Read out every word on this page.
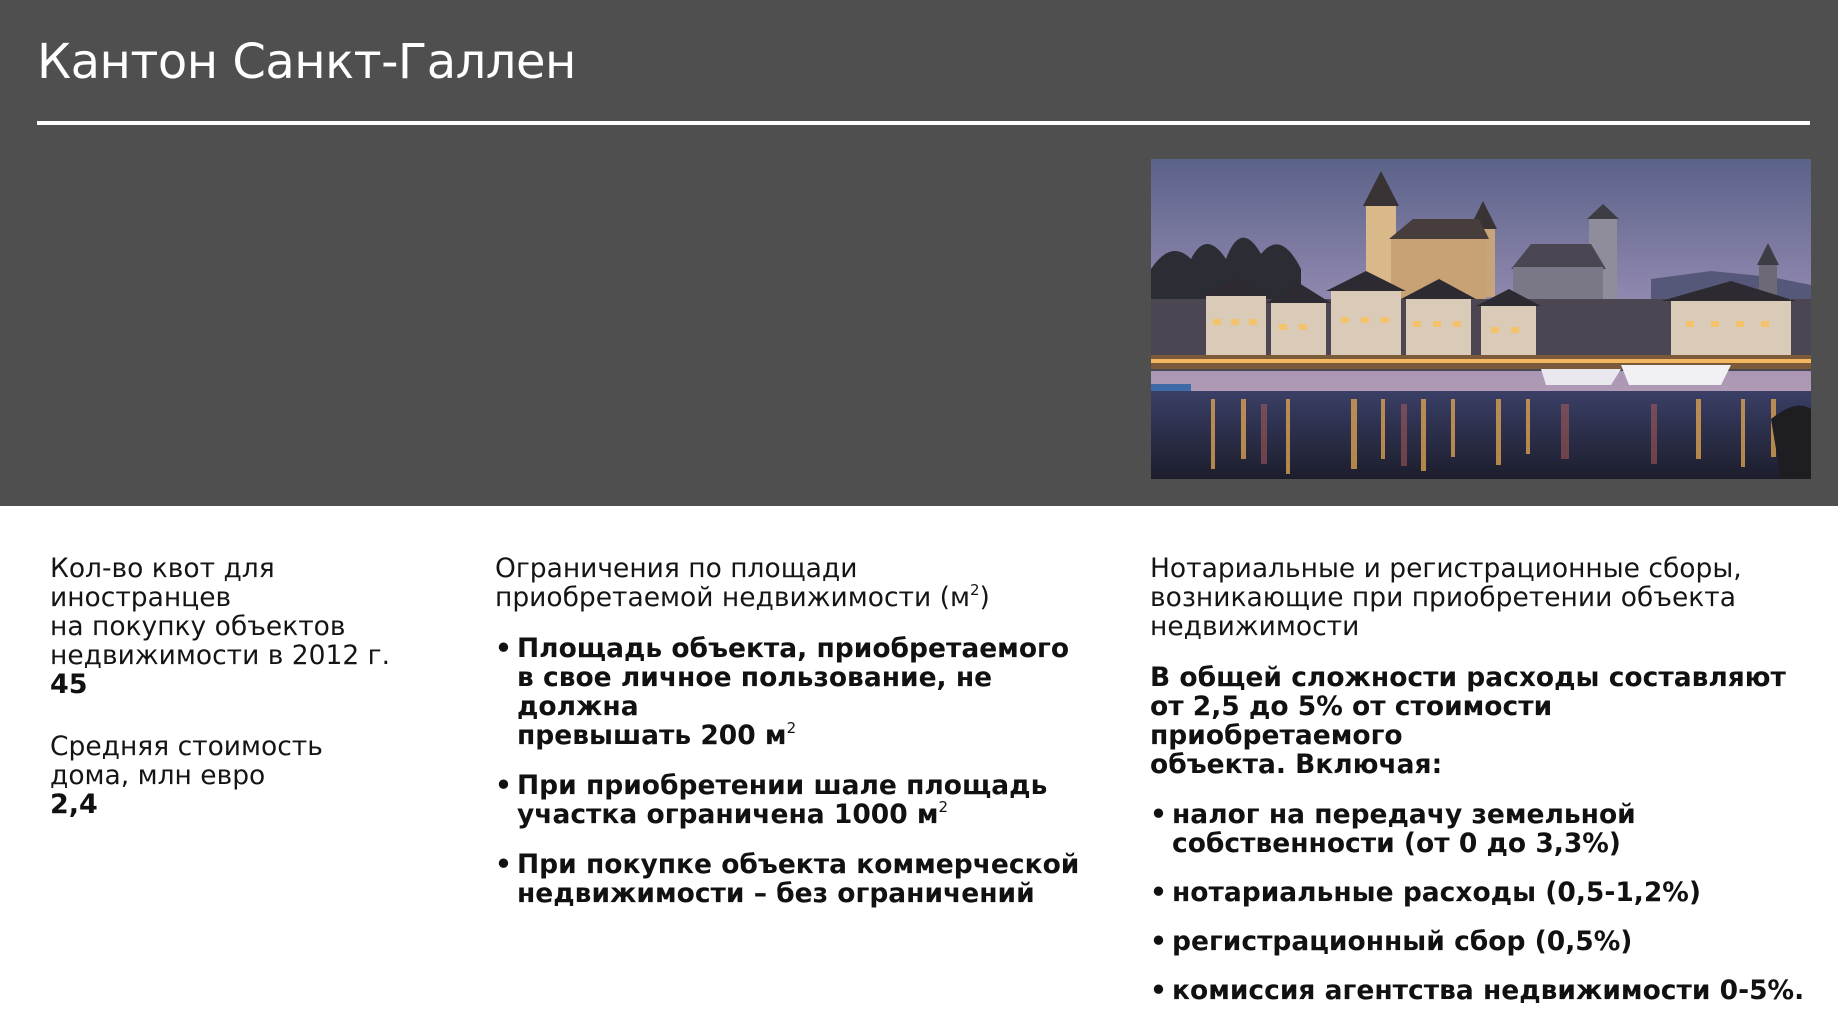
Кантон Санкт-Галлен
Кол-во квот для иностранцев
на покупку объектов
недвижимости в 2012 г.
45
Средняя стоимость
дома, млн евро
2,4
Ограничения по площади
приобретаемой недвижимости $(м^2)$
• Площадь объекта, приобретаемого
в свое личное пользование, не должна
превышать 200 $м^2$
• При приобретении шале площадь
участка ограничена 1000 $м^2$
• При покупке объекта коммерческой
недвижимости – без ограничений
Нотариальные и регистрационные сборы,
возникающие при приобретении объекта
недвижимости
В общей сложности расходы составляют
от 2,5 до 5% от стоимости приобретаемого
объекта. Включая:
• налог на передачу земельной
собственности (от 0 до 3,3%)
• нотариальные расходы (0,5-1,2%)
• регистрационный сбор (0,5%)
• комиссия агентства недвижимости 0-5%.
